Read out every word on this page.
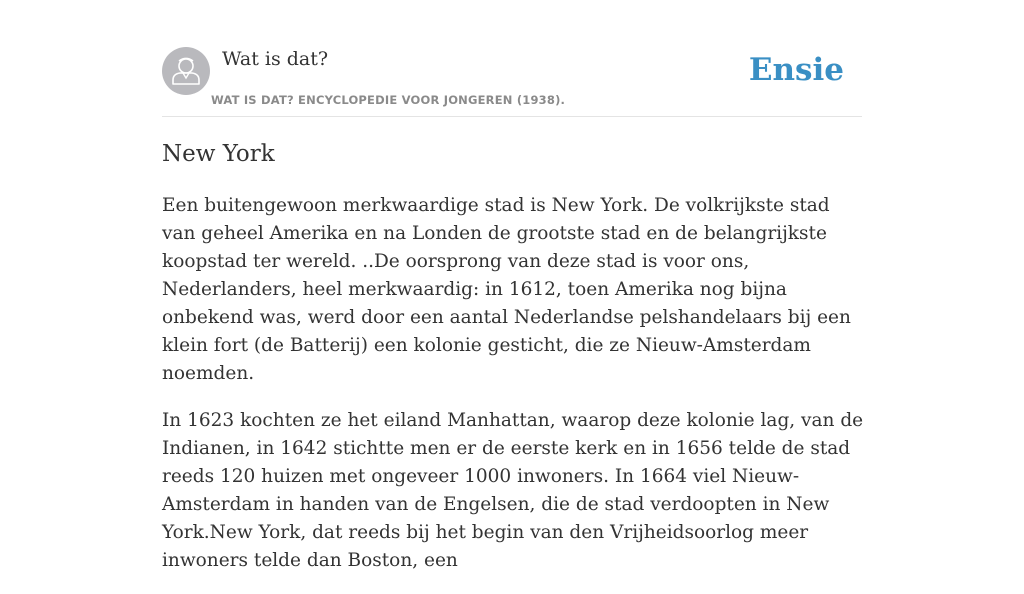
Wat is dat?
WAT IS DAT? ENCYCLOPEDIE VOOR JONGEREN (1938).
Ensie
New York

Een buitengewoon merkwaardige stad is New York. De volkrijkste stad van geheel Amerika en na Londen de grootste stad en de belangrijkste koopstad ter wereld. ..De oorsprong van deze stad is voor ons, Nederlanders, heel merkwaardig: in 1612, toen Amerika nog bijna onbekend was, werd door een aantal Nederlandse pelshandelaars bij een klein fort (de Batterij) een kolonie gesticht, die ze Nieuw-Amsterdam noemden.

In 1623 kochten ze het eiland Manhattan, waarop deze kolonie lag, van de Indianen, in 1642 stichtte men er de eerste kerk en in 1656 telde de stad reeds 120 huizen met ongeveer 1000 inwoners. In 1664 viel Nieuw-Amsterdam in handen van de Engelsen, die de stad verdoopten in New York.New York, dat reeds bij het begin van den Vrijheidsoorlog meer inwoners telde dan Boston, een
